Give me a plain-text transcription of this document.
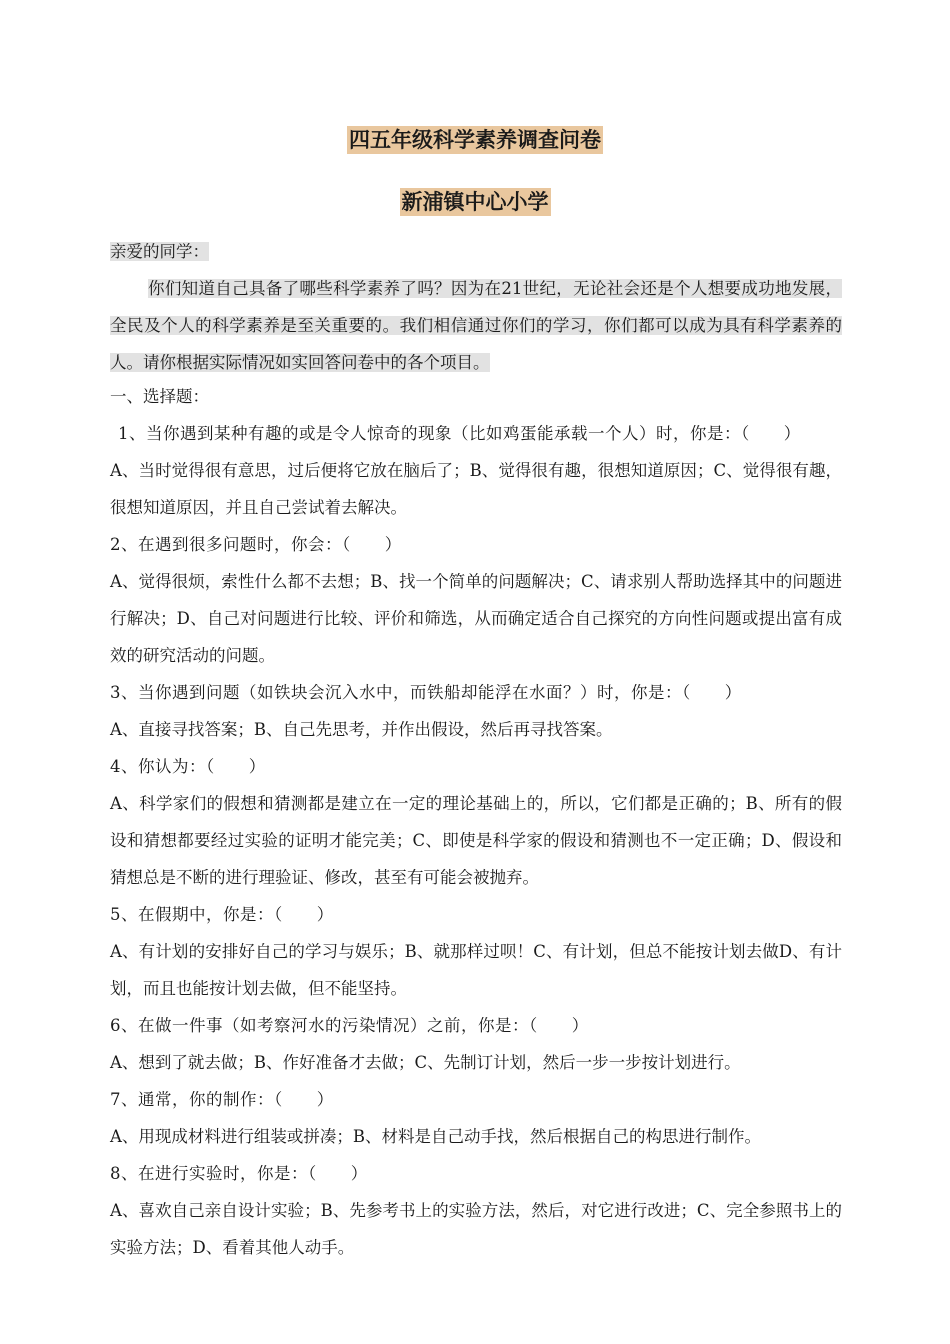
四五年级科学素养调查问卷
新浦镇中心小学
亲爱的同学：
你们知道自己具备了哪些科学素养了吗？因为在21世纪，无论社会还是个人想要成功地发展，全民及个人的科学素养是至关重要的。我们相信通过你们的学习，你们都可以成为具有科学素养的人。请你根据实际情况如实回答问卷中的各个项目。

一、选择题：

1、当你遇到某种有趣的或是令人惊奇的现象（比如鸡蛋能承载一个人）时，你是：（　　）

A、当时觉得很有意思，过后便将它放在脑后了；B、觉得很有趣，很想知道原因；C、觉得很有趣，很想知道原因，并且自己尝试着去解决。

2、在遇到很多问题时，你会：（　　）

A、觉得很烦，索性什么都不去想；B、找一个简单的问题解决；C、请求别人帮助选择其中的问题进行解决；D、自己对问题进行比较、评价和筛选，从而确定适合自己探究的方向性问题或提出富有成效的研究活动的问题。

3、当你遇到问题（如铁块会沉入水中，而铁船却能浮在水面？）时，你是：（　　）

A、直接寻找答案；B、自己先思考，并作出假设，然后再寻找答案。

4、你认为：（　　）

A、科学家们的假想和猜测都是建立在一定的理论基础上的，所以，它们都是正确的；B、所有的假设和猜想都要经过实验的证明才能完美；C、即使是科学家的假设和猜测也不一定正确；D、假设和猜想总是不断的进行理验证、修改，甚至有可能会被抛弃。

5、在假期中，你是：（　　）

A、有计划的安排好自己的学习与娱乐；B、就那样过呗！C、有计划，但总不能按计划去做D、有计划，而且也能按计划去做，但不能坚持。

6、在做一件事（如考察河水的污染情况）之前，你是：（　　）

A、想到了就去做；B、作好准备才去做；C、先制订计划，然后一步一步按计划进行。

7、通常，你的制作：（　　）

A、用现成材料进行组装或拼凑；B、材料是自己动手找，然后根据自己的构思进行制作。

8、在进行实验时，你是：（　　）

A、喜欢自己亲自设计实验；B、先参考书上的实验方法，然后，对它进行改进；C、完全参照书上的实验方法；D、看着其他人动手。
